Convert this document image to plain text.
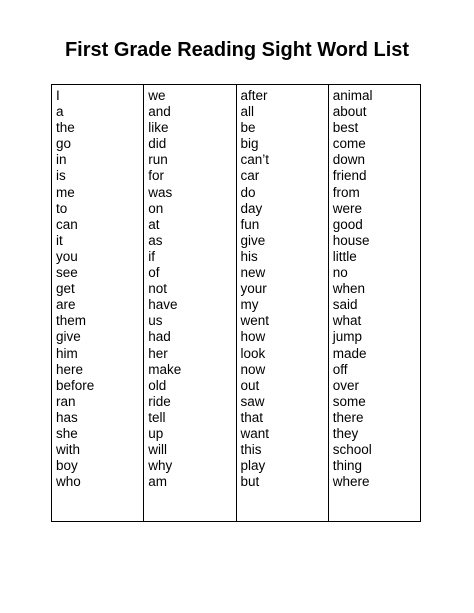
First Grade Reading Sight Word List
I
a
the
go
in
is
me
to
can
it
you
see
get
are
them
give
him
here
before
ran
has
she
with
boy
who
we
and
like
did
run
for
was
on
at
as
if
of
not
have
us
had
her
make
old
ride
tell
up
will
why
am
after
all
be
big
can’t
car
do
day
fun
give
his
new
your
my
went
how
look
now
out
saw
that
want
this
play
but
animal
about
best
come
down
friend
from
were
good
house
little
no
when
said
what
jump
made
off
over
some
there
they
school
thing
where
